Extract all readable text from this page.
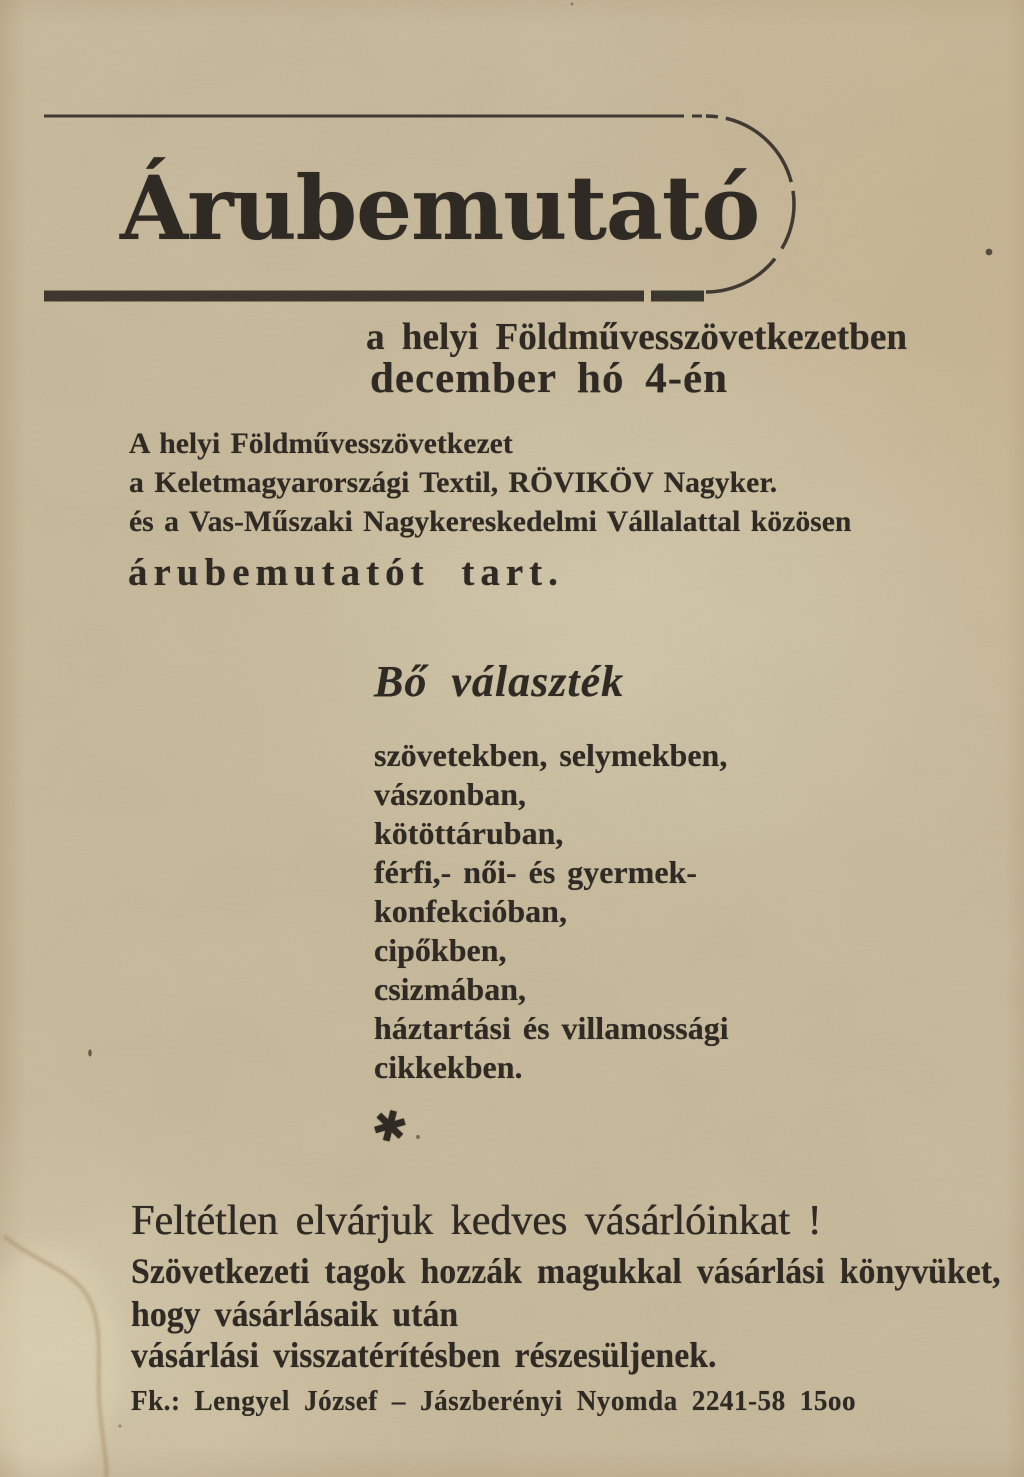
Árubemutató
a helyi Földművesszövetkezetben
december hó 4-én
A helyi Földművesszövetkezet
a Keletmagyarországi Textil, RÖVIKÖV Nagyker.
és a Vas-Műszaki Nagykereskedelmi Vállalattal közösen
árubemutatót tart.
Bő választék
szövetekben, selymekben,
vászonban,
kötöttáruban,
férfi,- női- és gyermek-
konfekcióban,
cipőkben,
csizmában,
háztartási és villamossági
cikkekben.
✱
Feltétlen elvárjuk kedves vásárlóinkat !
Szövetkezeti tagok hozzák magukkal vásárlási könyvüket,
hogy vásárlásaik után
vásárlási visszatérítésben részesüljenek.
Fk.: Lengyel József – Jászberényi Nyomda 2241-58 15oo
